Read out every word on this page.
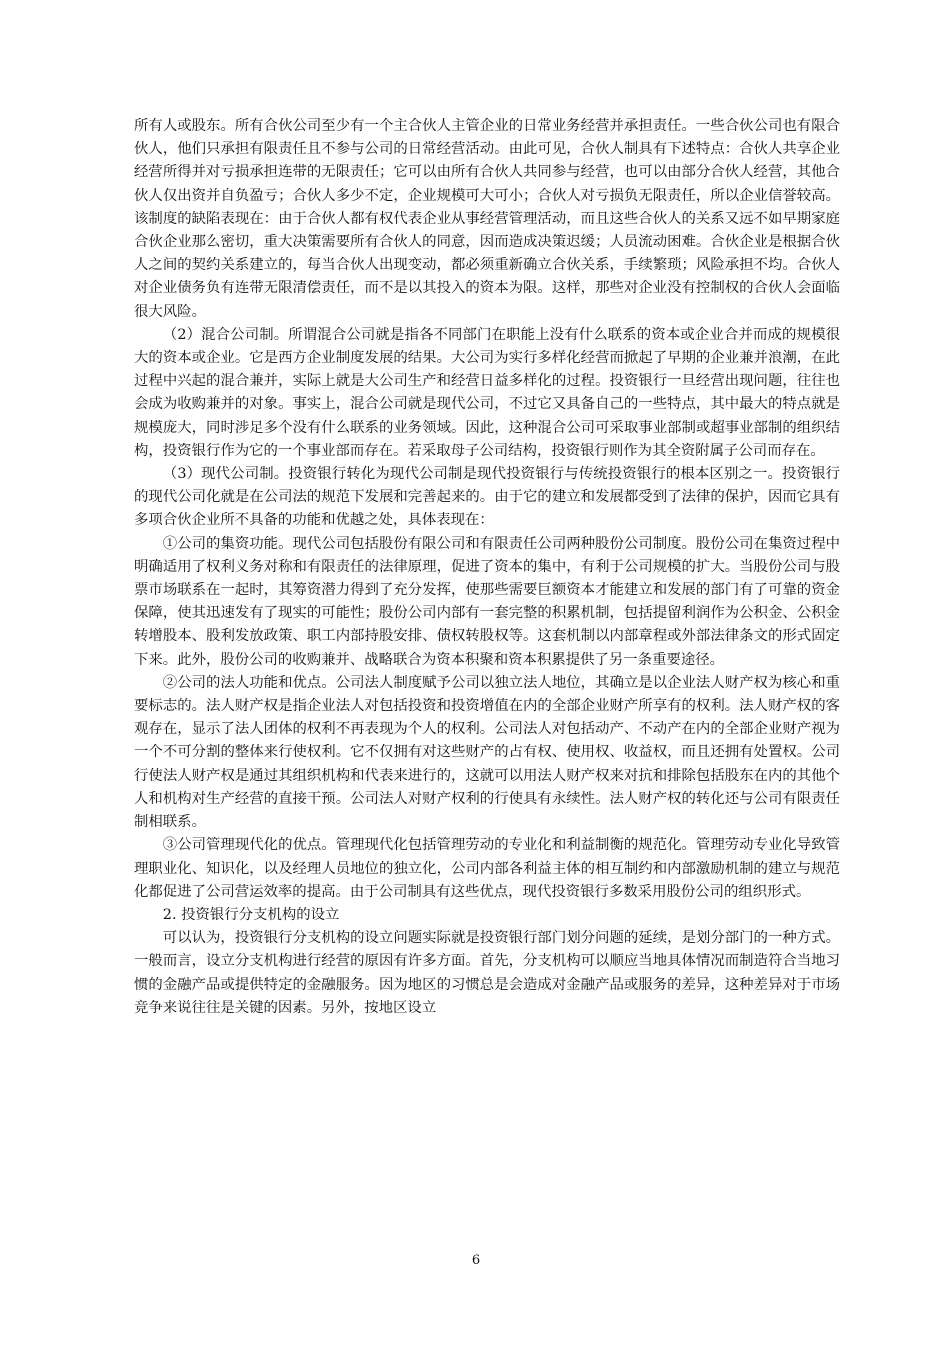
所有人或股东。所有合伙公司至少有一个主合伙人主管企业的日常业务经营并承担责任。一些合伙公司也有限合伙人，他们只承担有限责任且不参与公司的日常经营活动。由此可见，合伙人制具有下述特点：合伙人共享企业经营所得并对亏损承担连带的无限责任；它可以由所有合伙人共同参与经营，也可以由部分合伙人经营，其他合伙人仅出资并自负盈亏；合伙人多少不定，企业规模可大可小；合伙人对亏损负无限责任，所以企业信誉较高。该制度的缺陷表现在：由于合伙人都有权代表企业从事经营管理活动，而且这些合伙人的关系又远不如早期家庭合伙企业那么密切，重大决策需要所有合伙人的同意，因而造成决策迟缓；人员流动困难。合伙企业是根据合伙人之间的契约关系建立的，每当合伙人出现变动，都必须重新确立合伙关系，手续繁琐；风险承担不均。合伙人对企业债务负有连带无限清偿责任，而不是以其投入的资本为限。这样，那些对企业没有控制权的合伙人会面临很大风险。

（2）混合公司制。所谓混合公司就是指各不同部门在职能上没有什么联系的资本或企业合并而成的规模很大的资本或企业。它是西方企业制度发展的结果。大公司为实行多样化经营而掀起了早期的企业兼并浪潮，在此过程中兴起的混合兼并，实际上就是大公司生产和经营日益多样化的过程。投资银行一旦经营出现问题，往往也会成为收购兼并的对象。事实上，混合公司就是现代公司，不过它又具备自己的一些特点，其中最大的特点就是规模庞大，同时涉足多个没有什么联系的业务领域。因此，这种混合公司可采取事业部制或超事业部制的组织结构，投资银行作为它的一个事业部而存在。若采取母子公司结构，投资银行则作为其全资附属子公司而存在。

（3）现代公司制。投资银行转化为现代公司制是现代投资银行与传统投资银行的根本区别之一。投资银行的现代公司化就是在公司法的规范下发展和完善起来的。由于它的建立和发展都受到了法律的保护，因而它具有多项合伙企业所不具备的功能和优越之处，具体表现在：

①公司的集资功能。现代公司包括股份有限公司和有限责任公司两种股份公司制度。股份公司在集资过程中明确适用了权利义务对称和有限责任的法律原理，促进了资本的集中，有利于公司规模的扩大。当股份公司与股票市场联系在一起时，其筹资潜力得到了充分发挥，使那些需要巨额资本才能建立和发展的部门有了可靠的资金保障，使其迅速发有了现实的可能性；股份公司内部有一套完整的积累机制，包括提留利润作为公积金、公积金转增股本、股利发放政策、职工内部持股安排、债权转股权等。这套机制以内部章程或外部法律条文的形式固定下来。此外，股份公司的收购兼并、战略联合为资本积聚和资本积累提供了另一条重要途径。

②公司的法人功能和优点。公司法人制度赋予公司以独立法人地位，其确立是以企业法人财产权为核心和重要标志的。法人财产权是指企业法人对包括投资和投资增值在内的全部企业财产所享有的权利。法人财产权的客观存在，显示了法人团体的权利不再表现为个人的权利。公司法人对包括动产、不动产在内的全部企业财产视为一个不可分割的整体来行使权利。它不仅拥有对这些财产的占有权、使用权、收益权，而且还拥有处置权。公司行使法人财产权是通过其组织机构和代表来进行的，这就可以用法人财产权来对抗和排除包括股东在内的其他个人和机构对生产经营的直接干预。公司法人对财产权利的行使具有永续性。法人财产权的转化还与公司有限责任制相联系。

③公司管理现代化的优点。管理现代化包括管理劳动的专业化和利益制衡的规范化。管理劳动专业化导致管理职业化、知识化，以及经理人员地位的独立化，公司内部各利益主体的相互制约和内部激励机制的建立与规范化都促进了公司营运效率的提高。由于公司制具有这些优点，现代投资银行多数采用股份公司的组织形式。

2. 投资银行分支机构的设立

可以认为，投资银行分支机构的设立问题实际就是投资银行部门划分问题的延续，是划分部门的一种方式。一般而言，设立分支机构进行经营的原因有许多方面。首先，分支机构可以顺应当地具体情况而制造符合当地习惯的金融产品或提供特定的金融服务。因为地区的习惯总是会造成对金融产品或服务的差异，这种差异对于市场竞争来说往往是关键的因素。另外，按地区设立

6
